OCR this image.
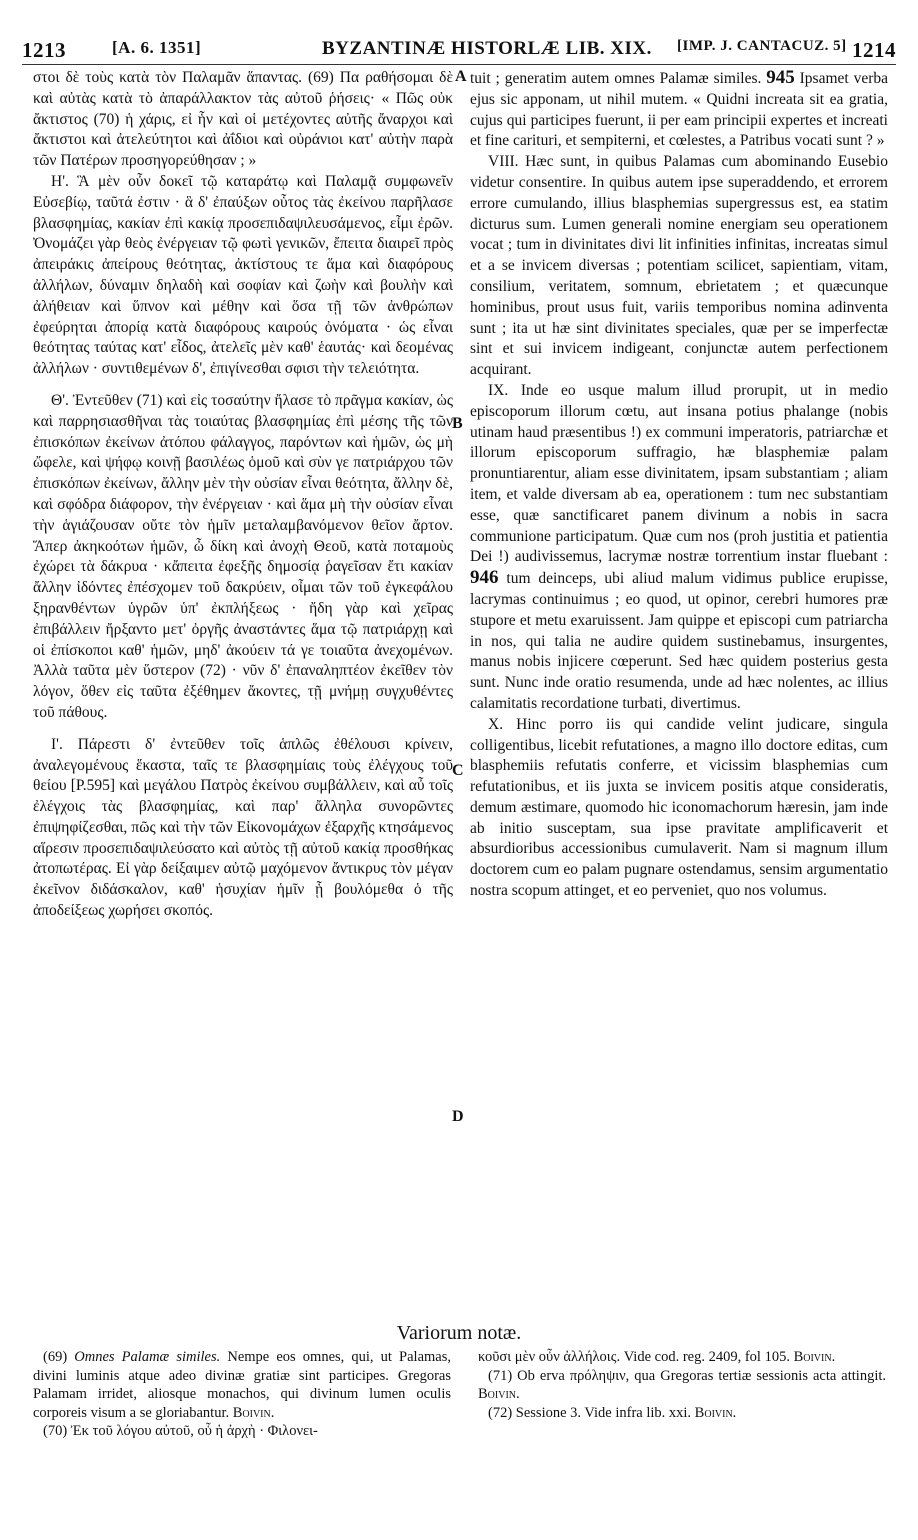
1213	[A. 6. 1351]	BYZANTINÆ HISTORLÆ LIB. XIX. [IMP. J. CANTACUZ. 5] 1214
A
B
C
D

στοι δὲ τοὺς κατὰ τὸν Παλαμᾶν ἅπαντας. (69) Πα ραθήσομαι δὲ καὶ αὐτὰς κατὰ τὸ ἀπαράλλακτον τὰς αὐτοῦ ῥήσεις· « Πῶς οὐκ ἄκτιστος (70) ἡ χάρις, εἰ ἧν καὶ οἱ μετέχοντες αὐτῆς ἄναρχοι καὶ ἄκτιστοι καὶ ἀτελεύτητοι καὶ ἀΐδιοι καὶ οὐράνιοι κατ' αὐτὴν παρὰ τῶν Πατέρων προσηγορεύθησαν ; »

Η'. Ἃ μὲν οὖν δοκεῖ τῷ καταράτῳ καὶ Παλαμᾷ συμφωνεῖν Εὐσεβίῳ, ταῦτά ἐστιν · ἃ δ' ἐπαύξων οὗτος τὰς ἐκείνου παρῆλασε βλασφημίας, κακίαν ἐπὶ κακίᾳ προσεπιδαψιλευσάμενος, εἶμι ἐρῶν. Ὀνομάζει γὰρ θεὸς ἐνέργειαν τῷ φωτὶ γενικῶν, ἔπειτα διαιρεῖ πρὸς ἀπειράκις ἀπείρους θεότητας, ἀκτίστους τε ἅμα καὶ διαφόρους ἀλλήλων, δύναμιν δηλαδὴ καὶ σοφίαν καὶ ζωὴν καὶ βουλὴν καὶ ἀλήθειαν καὶ ὕπνον καὶ μέθην καὶ ὅσα τῇ τῶν ἀνθρώπων ἐφεύρηται ἀπορίᾳ κατὰ διαφόρους καιρούς ὀνόματα · ὡς εἶναι θεότητας ταύτας κατ' εἶδος, ἀτελεῖς μὲν καθ' ἑαυτάς· καὶ δεομένας ἀλλήλων · συντιθεμένων δ', ἐπιγίνεσθαι σφισι τὴν τελειότητα.

Θ'. Ἐντεῦθεν (71) καὶ εἰς τοσαύτην ἤλασε τὸ πρᾶγμα κακίαν, ὡς καὶ παρρησιασθῆναι τὰς τοιαύτας βλασφημίας ἐπὶ μέσης τῆς τῶν ἐπισκόπων ἐκείνων ἀτόπου φάλαγγος, παρόντων καὶ ἡμῶν, ὡς μὴ ὤφελε, καὶ ψήφῳ κοινῇ βασιλέως ὁμοῦ καὶ σὺν γε πατριάρχου τῶν ἐπισκόπων ἐκείνων, ἄλλην μὲν τὴν οὐσίαν εἶναι θεότητα, ἄλλην δὲ, καὶ σφόδρα διάφορον, τὴν ἐνέργειαν · καὶ ἅμα μὴ τὴν οὐσίαν εἶναι τὴν ἁγιάζουσαν οὔτε τὸν ἡμῖν μεταλαμβανόμενον θεῖον ἄρτον. Ἅπερ ἀκηκοότων ἡμῶν, ὦ δίκη καὶ ἀνοχὴ Θεοῦ, κατὰ ποταμοὺς ἐχώρει τὰ δάκρυα · κἄπειτα ἐφεξῆς δημοσίᾳ ῥαγεῖσαν ἔτι κακίαν ἄλλην ἰδόντες ἐπέσχομεν τοῦ δακρύειν, οἶμαι τῶν τοῦ ἐγκεφάλου ξηρανθέντων ὑγρῶν ὑπ' ἐκπλήξεως · ἤδη γὰρ καὶ χεῖρας ἐπιβάλλειν ἤρξαντο μετ' ὀργῆς ἀναστάντες ἅμα τῷ πατριάρχῃ καὶ οἱ ἐπίσκοποι καθ' ἡμῶν, μηδ' ἀκούειν τά γε τοιαῦτα ἀνεχομένων. Ἀλλὰ ταῦτα μὲν ὕστερον (72) · νῦν δ' ἐπαναληπτέον ἐκεῖθεν τὸν λόγον, ὅθεν εἰς ταῦτα ἐξέθημεν ἄκοντες, τῇ μνήμῃ συγχυθέντες τοῦ πάθους.

Ι'. Πάρεστι δ' ἐντεῦθεν τοῖς ἁπλῶς ἐθέλουσι κρίνειν, ἀναλεγομένους ἕκαστα, ταῖς τε βλασφημίαις τοὺς ἐλέγχους τοῦ θείου [P.595] καὶ μεγάλου Πατρὸς ἐκείνου συμβάλλειν, καὶ αὖ τοῖς ἐλέγχοις τὰς βλασφημίας, καὶ παρ' ἄλληλα συνορῶντες ἐπιψηφίζεσθαι, πῶς καὶ τὴν τῶν Εἰκονομάχων ἐξαρχῆς κτησάμενος αἵρεσιν προσεπιδαψιλεύσατο καὶ αὐτὸς τῇ αὐτοῦ κακίᾳ προσθήκας ἀτοπωτέρας. Εἰ γὰρ δείξαιμεν αὐτῷ μαχόμενον ἄντικρυς τὸν μέγαν ἐκεῖνον διδάσκαλον, καθ' ἡσυχίαν ἡμῖν ᾗ βουλόμεθα ὁ τῆς ἀποδείξεως χωρήσει σκοπός.

tuit ; generatim autem omnes Palamæ similes. 945 Ipsamet verba ejus sic apponam, ut nihil mutem. « Quidni increata sit ea gratia, cujus qui participes fuerunt, ii per eam principii expertes et increati et fine carituri, et sempiterni, et cœlestes, a Patribus vocati sunt ? »

VIII. Hæc sunt, in quibus Palamas cum abominando Eusebio videtur consentire. In quibus autem ipse superaddendo, et errorem errore cumulando, illius blasphemias supergressus est, ea statim dicturus sum. Lumen generali nomine energiam seu operationem vocat ; tum in divinitates divi lit infinities infinitas, increatas simul et a se invicem diversas ; potentiam scilicet, sapientiam, vitam, consilium, veritatem, somnum, ebrietatem ; et quæcunque hominibus, prout usus fuit, variis temporibus nomina adinventa sunt ; ita ut hæ sint divinitates speciales, quæ per se imperfectæ sint et sui invicem indigeant, conjunctæ autem perfectionem acquirant.

IX. Inde eo usque malum illud prorupit, ut in medio episcoporum illorum cœtu, aut insana potius phalange (nobis utinam haud præsentibus !) ex communi imperatoris, patriarchæ et illorum episcoporum suffragio, hæ blasphemiæ palam pronuntiarentur, aliam esse divinitatem, ipsam substantiam ; aliam item, et valde diversam ab ea, operationem : tum nec substantiam esse, quæ sanctificaret panem divinum a nobis in sacra communione participatum. Quæ cum nos (proh justitia et patientia Dei !) audivissemus, lacrymæ nostræ torrentium instar fluebant : 946 tum deinceps, ubi aliud malum vidimus publice erupisse, lacrymas continuimus ; eo quod, ut opinor, cerebri humores præ stupore et metu exaruissent. Jam quippe et episcopi cum patriarcha in nos, qui talia ne audire quidem sustinebamus, insurgentes, manus nobis injicere cœperunt. Sed hæc quidem posterius gesta sunt. Nunc inde oratio resumenda, unde ad hæc nolentes, ac illius calamitatis recordatione turbati, divertimus.

X. Hinc porro iis qui candide velint judicare, singula colligentibus, licebit refutationes, a magno illo doctore editas, cum blasphemiis refutatis conferre, et vicissim blasphemias cum refutationibus, et iis juxta se invicem positis atque consideratis, demum æstimare, quomodo hic iconomachorum hæresin, jam inde ab initio susceptam, sua ipse pravitate amplificaverit et absurdioribus accessionibus cumulaverit. Nam si magnum illum doctorem cum eo palam pugnare ostendamus, sensim argumentatio nostra scopum attinget, et eo perveniet, quo nos volumus.

Variorum notæ.

(69) Omnes Palamæ similes. Nempe eos omnes, qui, ut Palamas, divini luminis atque adeo divinæ gratiæ sint participes. Gregoras Palamam irridet, aliosque monachos, qui divinum lumen oculis corporeis visum a se gloriabantur. Boivin.

(70) Ἐκ τοῦ λόγου αὐτοῦ, οὗ ἡ ἀρχὴ · Φιλονει-

κοῦσι μὲν οὖν ἀλλήλοις. Vide cod. reg. 2409, fol 105. Boivin.

(71) Ob erva πρόληψιν, qua Gregoras tertiæ sessionis acta attingit. Boivin.

(72) Sessione 3. Vide infra lib. xxi. Boivin.
